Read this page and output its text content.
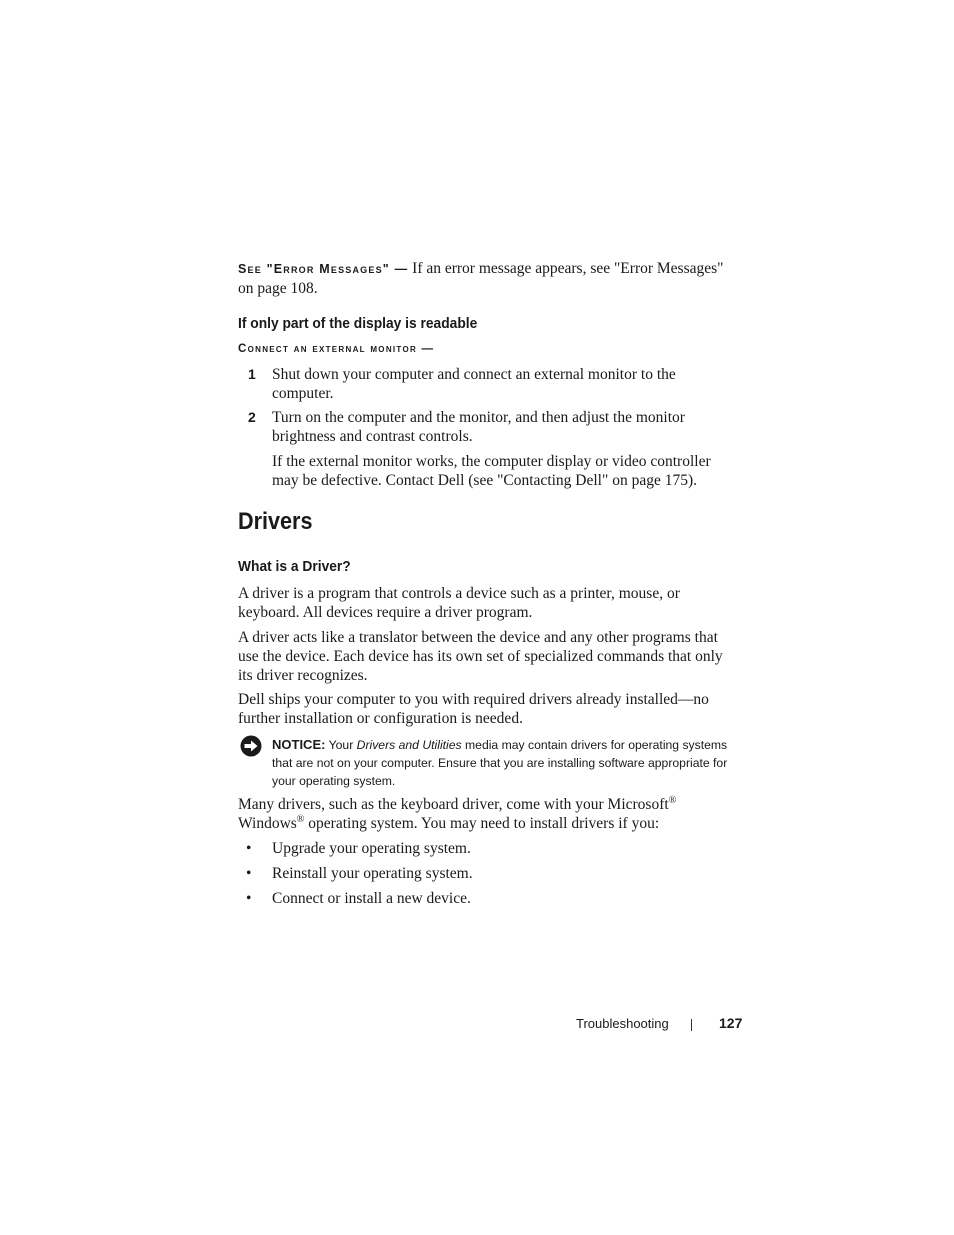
See "Error Messages" — If an error message appears, see "Error Messages" on page 108.
If only part of the display is readable
Connect an external monitor —
1 Shut down your computer and connect an external monitor to the computer.
2 Turn on the computer and the monitor, and then adjust the monitor brightness and contrast controls.
If the external monitor works, the computer display or video controller may be defective. Contact Dell (see "Contacting Dell" on page 175).
Drivers
What is a Driver?
A driver is a program that controls a device such as a printer, mouse, or keyboard. All devices require a driver program.
A driver acts like a translator between the device and any other programs that use the device. Each device has its own set of specialized commands that only its driver recognizes.
Dell ships your computer to you with required drivers already installed—no further installation or configuration is needed.
NOTICE: Your Drivers and Utilities media may contain drivers for operating systems that are not on your computer. Ensure that you are installing software appropriate for your operating system.
Many drivers, such as the keyboard driver, come with your Microsoft® Windows® operating system. You may need to install drivers if you:
• Upgrade your operating system.
• Reinstall your operating system.
• Connect or install a new device.
Troubleshooting	127
